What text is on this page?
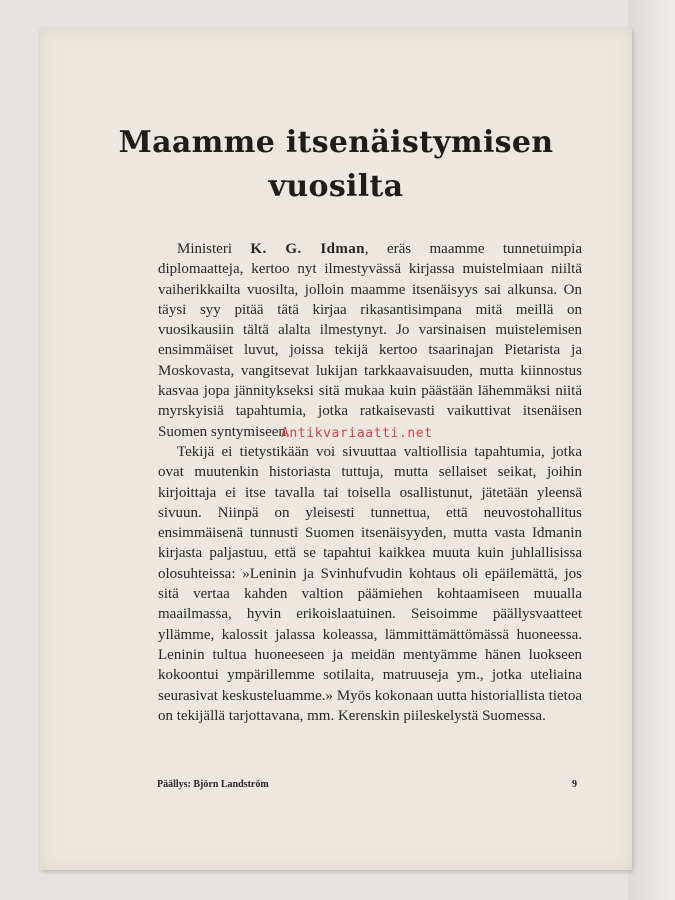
Maamme itsenäistymisen
vuosilta

Ministeri K. G. Idman, eräs maamme tunnetuimpia diplomaatteja, kertoo nyt ilmestyvässä kirjassa muistelmiaan niiltä vaiherikkailta vuosilta, jolloin maamme itsenäisyys sai alkunsa. On täysi syy pitää tätä kirjaa rikasantisimpana mitä meillä on vuosikausiin tältä alalta ilmestynyt. Jo varsinaisen muistelemisen ensimmäiset luvut, joissa tekijä kertoo tsaarinajan Pietarista ja Moskovasta, vangitsevat lukijan tarkkaavaisuuden, mutta kiinnostus kasvaa jopa jännitykseksi sitä mukaa kuin päästään lähemmäksi niitä myrskyisiä tapahtumia, jotka ratkaisevasti vaikuttivat itsenäisen Suomen syntymiseen.

Tekijä ei tietystikään voi sivuuttaa valtiollisia tapahtumia, jotka ovat muutenkin historiasta tuttuja, mutta sellaiset seikat, joihin kirjoittaja ei itse tavalla tai toisella osallistunut, jätetään yleensä sivuun. Niinpä on yleisesti tunnettua, että neuvostohallitus ensimmäisenä tunnusti Suomen itsenäisyyden, mutta vasta Idmanin kirjasta paljastuu, että se tapahtui kaikkea muuta kuin juhlallisissa olosuhteissa: »Leninin ja Svinhufvudin kohtaus oli epäilemättä, jos sitä vertaa kahden valtion päämiehen kohtaamiseen muualla maailmassa, hyvin erikoislaatuinen. Seisoimme päällysvaatteet yllämme, kalossit jalassa koleassa, lämmittämättömässä huoneessa. Leninin tultua huoneeseen ja meidän mentyämme hänen luokseen kokoontui ympärillemme sotilaita, matruuseja ym., jotka uteliaina seurasivat keskusteluamme.» Myös kokonaan uutta historiallista tietoa on tekijällä tarjottavana, mm. Kerenskin piileskelystä Suomessa.

Antikvariaatti.net
Päällys: Björn Landström	9
